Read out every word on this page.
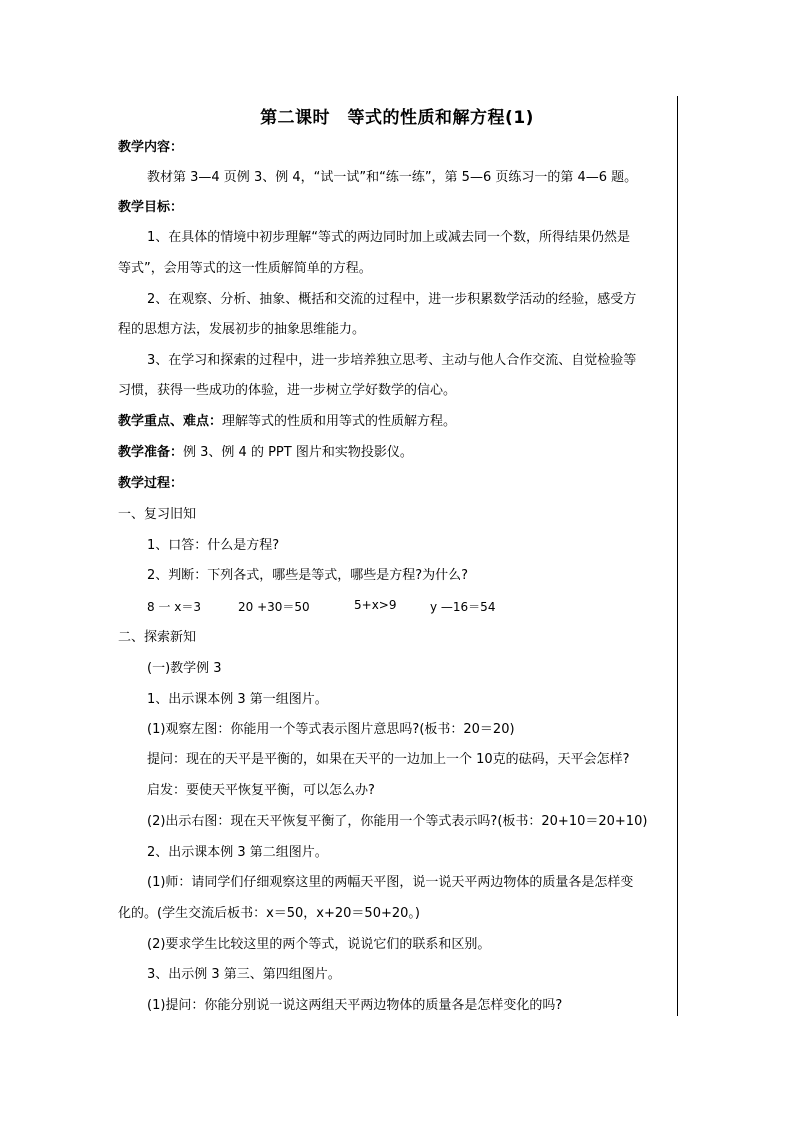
第二课时　等式的性质和解方程(1)
教学内容：
教材第 3—4 页例 3、例 4，“试一试”和“练一练”，第 5—6 页练习一的第 4—6 题。
教学目标：
1、在具体的情境中初步理解“等式的两边同时加上或减去同一个数，所得结果仍然是
等式”，会用等式的这一性质解简单的方程。
2、在观察、分析、抽象、概括和交流的过程中，进一步积累数学活动的经验，感受方
程的思想方法，发展初步的抽象思维能力。
3、在学习和探索的过程中，进一步培养独立思考、主动与他人合作交流、自觉检验等
习惯，获得一些成功的体验，进一步树立学好数学的信心。
教学重点、难点：理解等式的性质和用等式的性质解方程。
教学准备：例 3、例 4 的 PPT 图片和实物投影仪。
教学过程：
一、复习旧知
1、口答：什么是方程?
2、判断：下列各式，哪些是等式，哪些是方程?为什么?
8 一 x＝3	20 +30＝50	5+x>9	y —16＝54
二、探索新知
(一)教学例 3
1、出示课本例 3 第一组图片。
(1)观察左图：你能用一个等式表示图片意思吗?(板书：20＝20)
提问：现在的天平是平衡的，如果在天平的一边加上一个 10克的砝码，天平会怎样?
启发：要使天平恢复平衡，可以怎么办?
(2)出示右图：现在天平恢复平衡了，你能用一个等式表示吗?(板书：20+10＝20+10)
2、出示课本例 3 第二组图片。
(1)师：请同学们仔细观察这里的两幅天平图，说一说天平两边物体的质量各是怎样变
化的。(学生交流后板书：x＝50，x+20＝50+20。)
(2)要求学生比较这里的两个等式，说说它们的联系和区别。
3、出示例 3 第三、第四组图片。
(1)提问：你能分别说一说这两组天平两边物体的质量各是怎样变化的吗?
